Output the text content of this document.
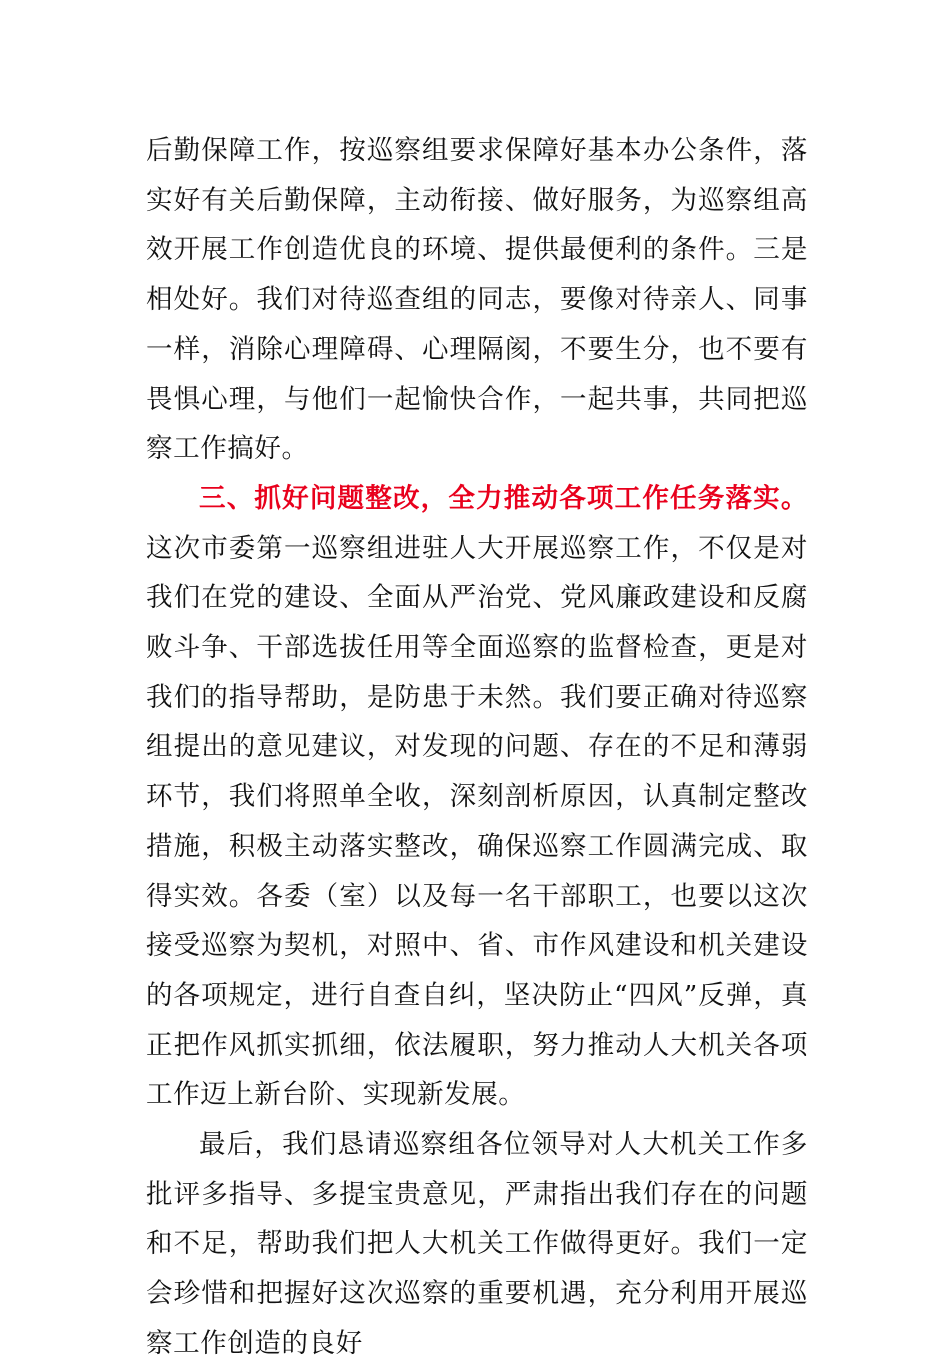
后勤保障工作，按巡察组要求保障好基本办公条件，落实好有关后勤保障，主动衔接、做好服务，为巡察组高效开展工作创造优良的环境、提供最便利的条件。三是相处好。我们对待巡查组的同志，要像对待亲人、同事一样，消除心理障碍、心理隔阂，不要生分，也不要有畏惧心理，与他们一起愉快合作，一起共事，共同把巡察工作搞好。

三、抓好问题整改，全力推动各项工作任务落实。这次市委第一巡察组进驻人大开展巡察工作，不仅是对我们在党的建设、全面从严治党、党风廉政建设和反腐败斗争、干部选拔任用等全面巡察的监督检查，更是对我们的指导帮助，是防患于未然。我们要正确对待巡察组提出的意见建议，对发现的问题、存在的不足和薄弱环节，我们将照单全收，深刻剖析原因，认真制定整改措施，积极主动落实整改，确保巡察工作圆满完成、取得实效。各委（室）以及每一名干部职工，也要以这次接受巡察为契机，对照中、省、市作风建设和机关建设的各项规定，进行自查自纠，坚决防止“四风”反弹，真正把作风抓实抓细，依法履职，努力推动人大机关各项工作迈上新台阶、实现新发展。

最后，我们恳请巡察组各位领导对人大机关工作多批评多指导、多提宝贵意见，严肃指出我们存在的问题和不足，帮助我们把人大机关工作做得更好。我们一定会珍惜和把握好这次巡察的重要机遇，充分利用开展巡察工作创造的良好
